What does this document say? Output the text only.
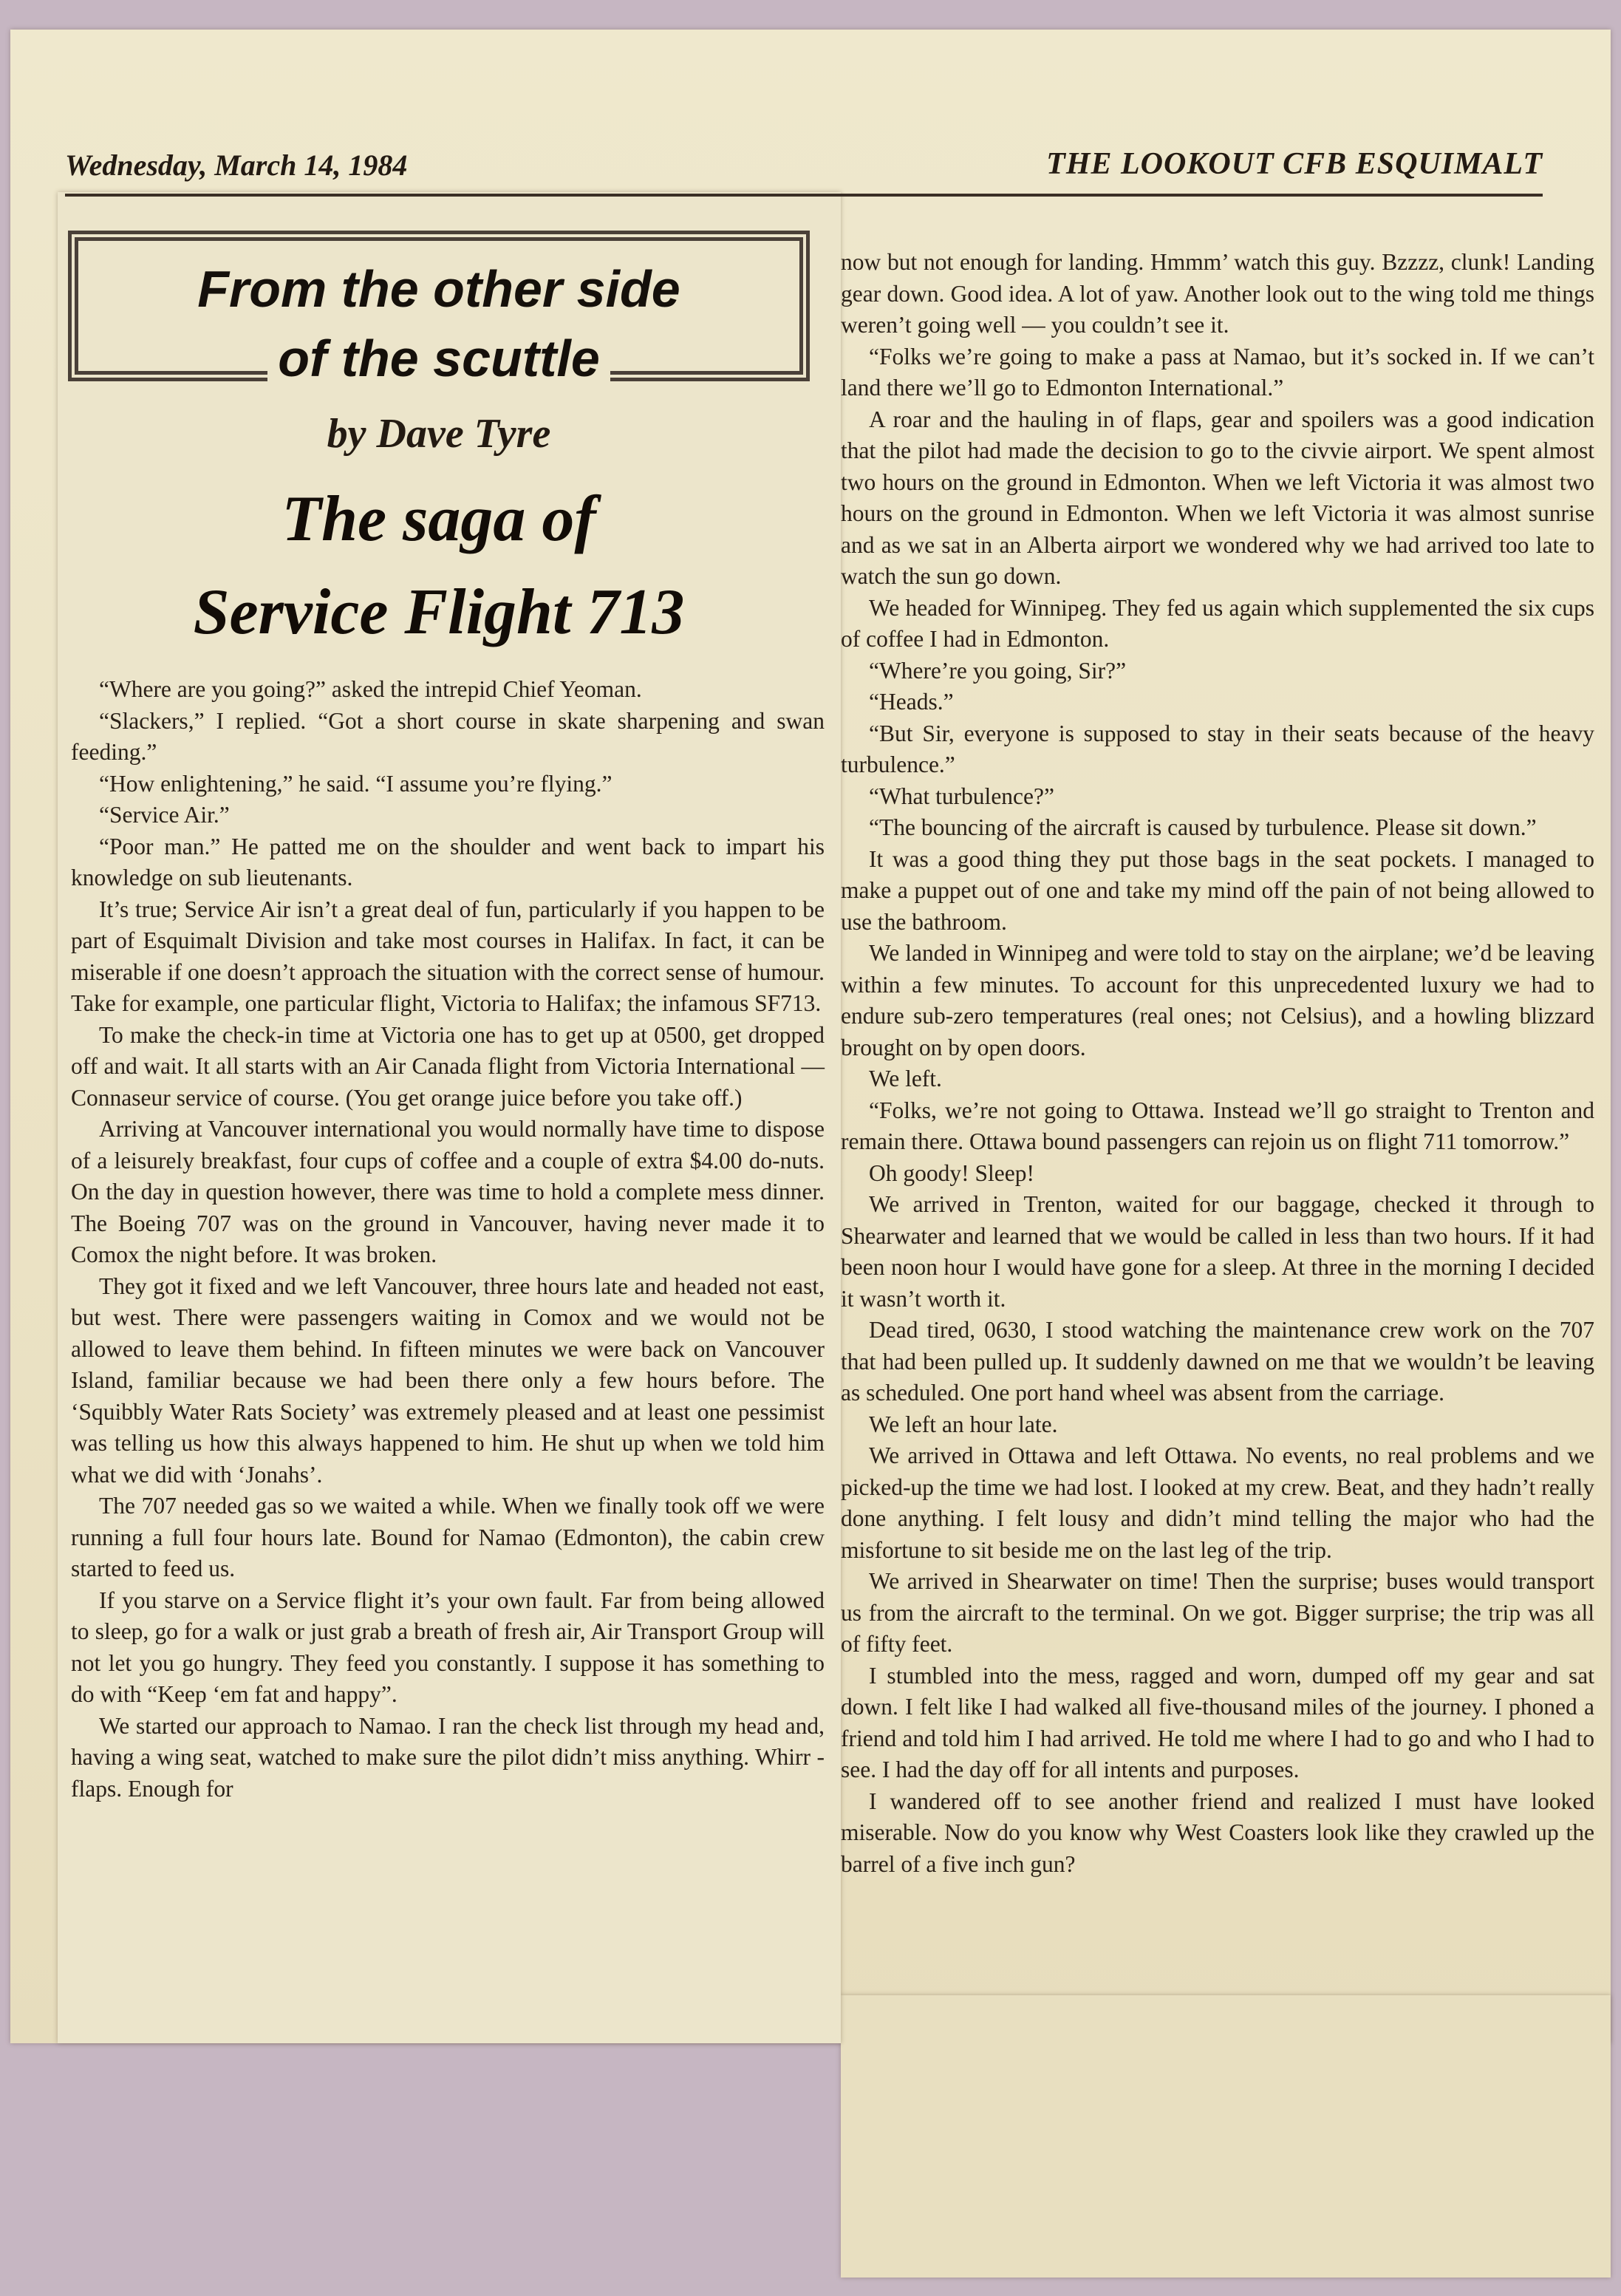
Wednesday, March 14, 1984	THE LOOKOUT CFB ESQUIMALT
From the other side
of the scuttle
by Dave Tyre
The saga of
Service Flight 713

“Where are you going?” asked the intrepid Chief Yeoman.

“Slackers,” I replied. “Got a short course in skate sharpening and swan feeding.”

“How enlightening,” he said. “I assume you’re flying.”

“Service Air.”

“Poor man.” He patted me on the shoulder and went back to impart his knowledge on sub lieutenants.

It’s true; Service Air isn’t a great deal of fun, particularly if you happen to be part of Esquimalt Division and take most courses in Halifax. In fact, it can be miserable if one doesn’t approach the situation with the correct sense of humour. Take for example, one particular flight, Victoria to Halifax; the infamous SF713.

To make the check-in time at Victoria one has to get up at 0500, get dropped off and wait. It all starts with an Air Canada flight from Victoria International — Connaseur service of course. (You get orange juice before you take off.)

Arriving at Vancouver international you would normally have time to dispose of a leisurely breakfast, four cups of coffee and a couple of extra $4.00 do-nuts. On the day in question however, there was time to hold a complete mess dinner. The Boeing 707 was on the ground in Vancouver, having never made it to Comox the night before. It was broken.

They got it fixed and we left Vancouver, three hours late and headed not east, but west. There were passengers waiting in Comox and we would not be allowed to leave them behind. In fifteen minutes we were back on Vancouver Island, familiar because we had been there only a few hours before. The ‘Squibbly Water Rats Society’ was extremely pleased and at least one pessimist was telling us how this always happened to him. He shut up when we told him what we did with ‘Jonahs’.

The 707 needed gas so we waited a while. When we finally took off we were running a full four hours late. Bound for Namao (Edmonton), the cabin crew started to feed us.

If you starve on a Service flight it’s your own fault. Far from being allowed to sleep, go for a walk or just grab a breath of fresh air, Air Transport Group will not let you go hungry. They feed you constantly. I suppose it has something to do with “Keep ‘em fat and happy”.

We started our approach to Namao. I ran the check list through my head and, having a wing seat, watched to make sure the pilot didn’t miss anything. Whirr - flaps. Enough for

now but not enough for landing. Hmmm’ watch this guy. Bzzzz, clunk! Landing gear down. Good idea. A lot of yaw. Another look out to the wing told me things weren’t going well — you couldn’t see it.

“Folks we’re going to make a pass at Namao, but it’s socked in. If we can’t land there we’ll go to Edmonton International.”

A roar and the hauling in of flaps, gear and spoilers was a good indication that the pilot had made the decision to go to the civvie airport. We spent almost two hours on the ground in Edmonton. When we left Victoria it was almost two hours on the ground in Edmonton. When we left Victoria it was almost sunrise and as we sat in an Alberta airport we wondered why we had arrived too late to watch the sun go down.

We headed for Winnipeg. They fed us again which supplemented the six cups of coffee I had in Edmonton.

“Where’re you going, Sir?”

“Heads.”

“But Sir, everyone is supposed to stay in their seats because of the heavy turbulence.”

“What turbulence?”

“The bouncing of the aircraft is caused by turbulence. Please sit down.”

It was a good thing they put those bags in the seat pockets. I managed to make a puppet out of one and take my mind off the pain of not being allowed to use the bathroom.

We landed in Winnipeg and were told to stay on the airplane; we’d be leaving within a few minutes. To account for this unprecedented luxury we had to endure sub-zero temperatures (real ones; not Celsius), and a howling blizzard brought on by open doors.

We left.

“Folks, we’re not going to Ottawa. Instead we’ll go straight to Trenton and remain there. Ottawa bound passengers can rejoin us on flight 711 tomorrow.”

Oh goody! Sleep!

We arrived in Trenton, waited for our baggage, checked it through to Shearwater and learned that we would be called in less than two hours. If it had been noon hour I would have gone for a sleep. At three in the morning I decided it wasn’t worth it.

Dead tired, 0630, I stood watching the maintenance crew work on the 707 that had been pulled up. It suddenly dawned on me that we wouldn’t be leaving as scheduled. One port hand wheel was absent from the carriage.

We left an hour late.

We arrived in Ottawa and left Ottawa. No events, no real problems and we picked-up the time we had lost. I looked at my crew. Beat, and they hadn’t really done anything. I felt lousy and didn’t mind telling the major who had the misfortune to sit beside me on the last leg of the trip.

We arrived in Shearwater on time! Then the surprise; buses would transport us from the aircraft to the terminal. On we got. Bigger surprise; the trip was all of fifty feet.

I stumbled into the mess, ragged and worn, dumped off my gear and sat down. I felt like I had walked all five-thousand miles of the journey. I phoned a friend and told him I had arrived. He told me where I had to go and who I had to see. I had the day off for all intents and purposes.

I wandered off to see another friend and realized I must have looked miserable. Now do you know why West Coasters look like they crawled up the barrel of a five inch gun?
